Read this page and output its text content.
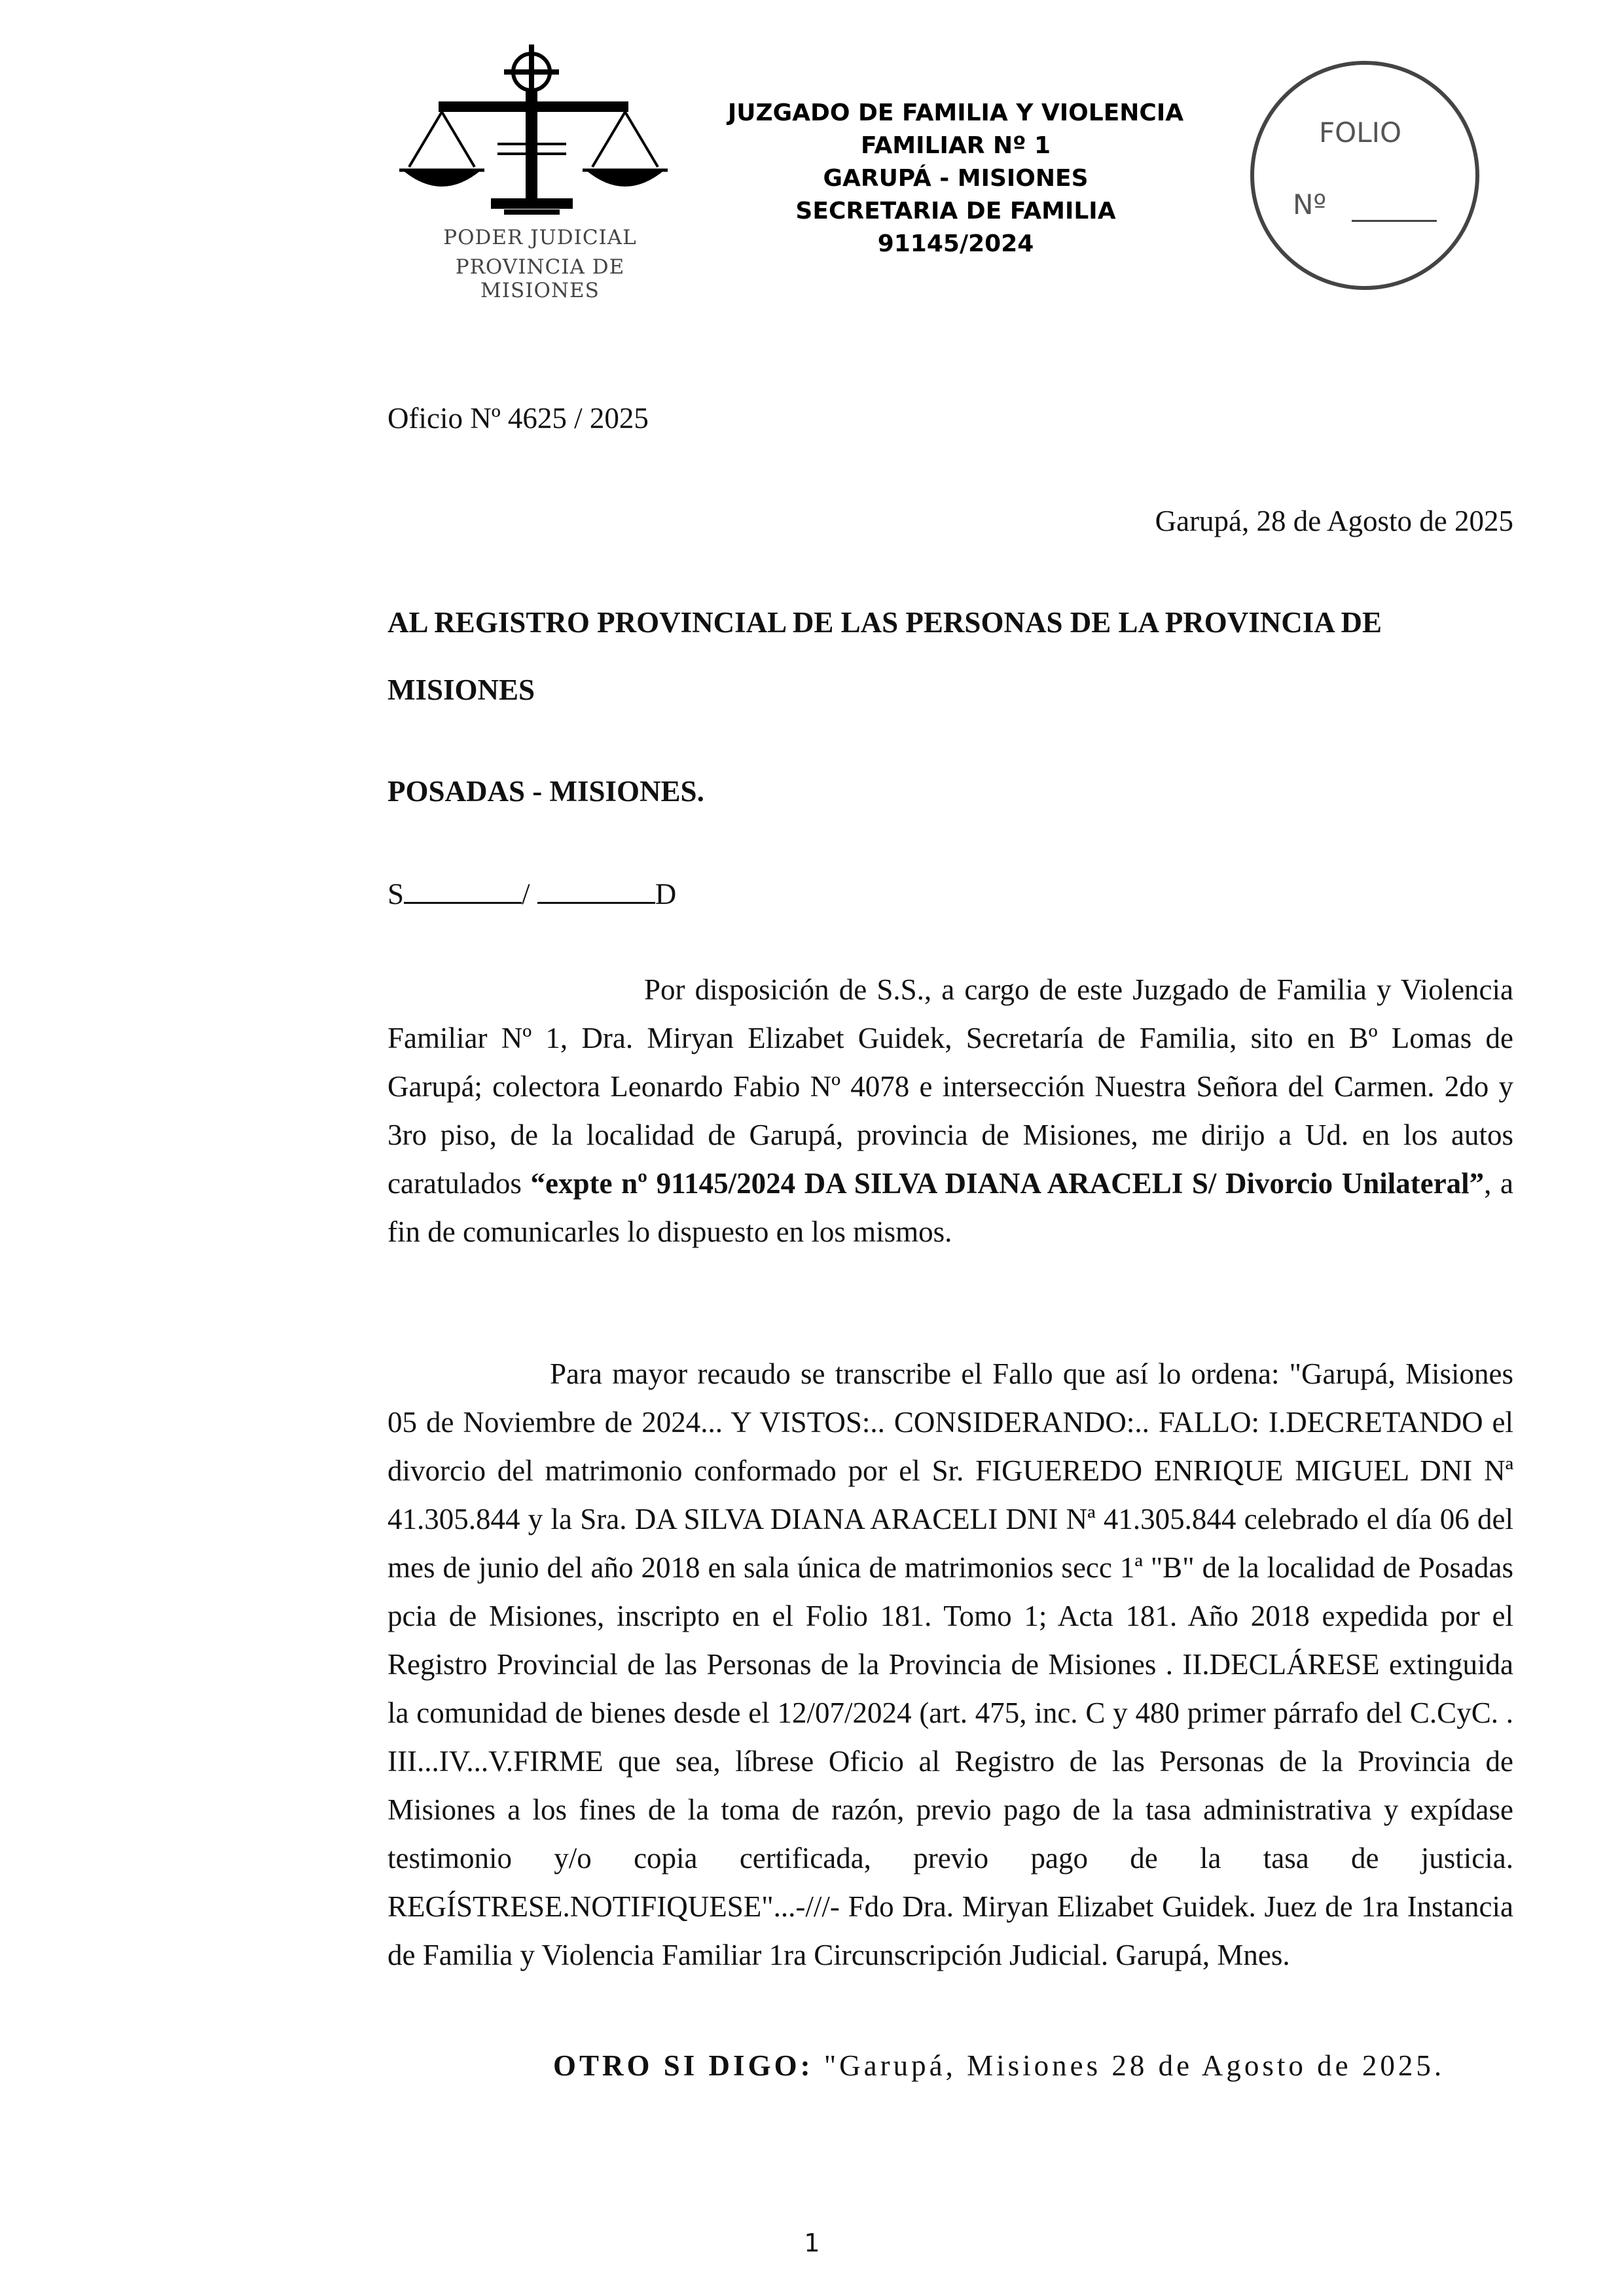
PODER JUDICIAL
PROVINCIA DE MISIONES
JUZGADO DE FAMILIA Y VIOLENCIA
FAMILIAR Nº 1
GARUPÁ - MISIONES
SECRETARIA DE FAMILIA
91145/2024
FOLIO
Nº
Oficio Nº 4625 / 2025
Garupá, 28 de Agosto de 2025
AL REGISTRO PROVINCIAL DE LAS PERSONAS DE LA PROVINCIA DE
MISIONES
POSADAS - MISIONES.
S	/	D
Por disposición de S.S., a cargo de este Juzgado de Familia y Violencia Familiar Nº 1, Dra. Miryan Elizabet Guidek, Secretaría de Familia, sito en Bº Lomas de Garupá; colectora Leonardo Fabio Nº 4078 e intersección Nuestra Señora del Carmen. 2do y 3ro piso, de la localidad de Garupá, provincia de Misiones, me dirijo a Ud. en los autos caratulados “expte nº 91145/2024 DA SILVA DIANA ARACELI S/ Divorcio Unilateral”, a fin de comunicarles lo dispuesto en los mismos.
Para mayor recaudo se transcribe el Fallo que así lo ordena: "Garupá, Misiones 05 de Noviembre de 2024... Y VISTOS:.. CONSIDERANDO:.. FALLO: I.DECRETANDO el divorcio del matrimonio conformado por el Sr. FIGUEREDO ENRIQUE MIGUEL DNI Nª 41.305.844 y la Sra. DA SILVA DIANA ARACELI DNI Nª 41.305.844 celebrado el día 06 del mes de junio del año 2018 en sala única de matrimonios secc 1ª "B" de la localidad de Posadas pcia de Misiones, inscripto en el Folio 181. Tomo 1; Acta 181. Año 2018 expedida por el Registro Provincial de las Personas de la Provincia de Misiones . II.DECLÁRESE extinguida la comunidad de bienes desde el 12/07/2024 (art. 475, inc. C y 480 primer párrafo del C.CyC. . III...IV...V.FIRME que sea, líbrese Oficio al Registro de las Personas de la Provincia de Misiones a los fines de la toma de razón, previo pago de la tasa administrativa y expídase testimonio y/o copia certificada, previo pago de la tasa de justicia. REGÍSTRESE.NOTIFIQUESE"...-///- Fdo Dra. Miryan Elizabet Guidek. Juez de 1ra Instancia de Familia y Violencia Familiar 1ra Circunscripción Judicial. Garupá, Mnes.
OTRO SI DIGO: "Garupá, Misiones 28 de Agosto de 2025.
1
